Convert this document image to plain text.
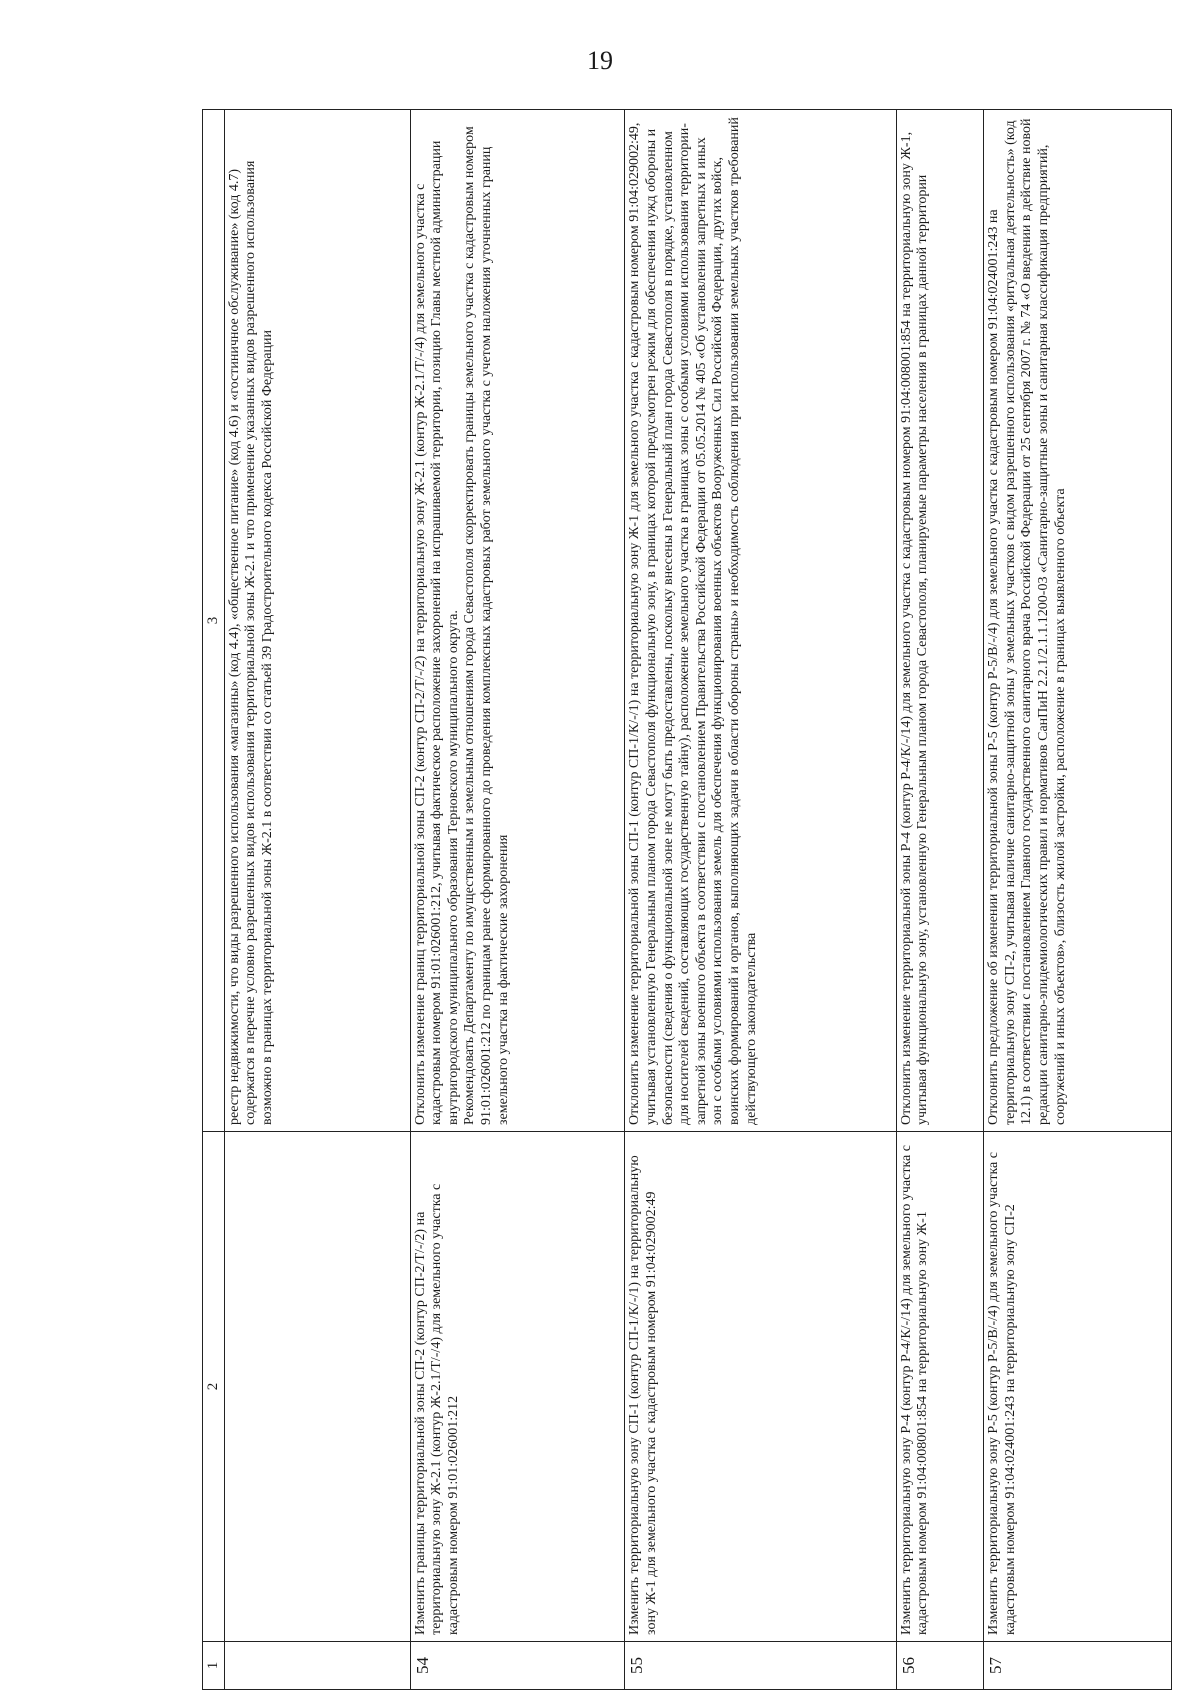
19
1	2	3
		реестр недвижимости, что виды разрешенного использования «магазины» (код 4.4), «общественное питание» (код 4.6) и «гостиничное обслуживание» (код 4.7) содержатся в перечне условно разрешенных видов использования территориальной зоны Ж-2.1 и что применение указанных видов разрешенного использования возможно в границах территориальной зоны Ж-2.1 в соответствии со статьей 39 Градостроительного кодекса Российской Федерации
54	Изменить границы территориальной зоны СП-2 (контур СП-2/Т/-/2) на территориальную зону Ж-2.1 (контур Ж-2.1/Т/-/4) для земельного участка с кадастровым номером 91:01:026001:212	Отклонить изменение границ территориальной зоны СП-2 (контур СП-2/Т/-/2) на территориальную зону Ж-2.1 (контур Ж-2.1/Т/-/4) для земельного участка с кадастровым номером 91:01:026001:212, учитывая фактическое расположение захоронений на испрашиваемой территории, позицию Главы местной администрации внутригородского муниципального образования Терновского муниципального округа.
Рекомендовать Департаменту по имущественным и земельным отношениям города Севастополя скорректировать границы земельного участка с кадастровым номером 91:01:026001:212 по границам ранее сформированного до проведения комплексных кадастровых работ земельного участка с учетом наложения уточненных границ земельного участка на фактические захоронения

55	Изменить территориальную зону СП-1 (контур СП-1/К/-/1) на территориальную зону Ж-1 для земельного участка с кадастровым номером 91:04:029002:49	Отклонить изменение территориальной зоны СП-1 (контур СП-1/К/-/1) на территориальную зону Ж-1 для земельного участка с кадастровым номером 91:04:029002:49, учитывая установленную Генеральным планом города Севастополя функциональную зону, в границах которой предусмотрен режим для обеспечения нужд обороны и безопасности (сведения о функциональной зоне не могут быть предоставлены, поскольку внесены в Генеральный план города Севастополя в порядке, установленном для носителей сведений, составляющих государственную тайну), расположение земельного участка в границах зоны с особыми условиями использования территории-запретной зоны военного объекта в соответствии с постановлением Правительства Российской Федерации от 05.05.2014 № 405 «Об установлении запретных и иных зон с особыми условиями использования земель для обеспечения функционирования военных объектов Вооруженных Сил Российской Федерации, других войск, воинских формирований и органов, выполняющих задачи в области обороны страны» и необходимость соблюдения при использовании земельных участков требований действующего законодательства
56	Изменить территориальную зону Р-4 (контур Р-4/К/-/14) для земельного участка с кадастровым номером 91:04:008001:854 на территориальную зону Ж-1	Отклонить изменение территориальной зоны Р-4 (контур Р-4/К/-/14) для земельного участка с кадастровым номером 91:04:008001:854 на территориальную зону Ж-1, учитывая функциональную зону, установленную Генеральным планом города Севастополя, планируемые параметры населения в границах данной территории
57	Изменить территориальную зону Р-5 (контур Р-5/В/-/4) для земельного участка с кадастровым номером 91:04:024001:243 на территориальную зону СП-2	Отклонить предложение об изменении территориальной зоны Р-5 (контур Р-5/В/-/4) для земельного участка с кадастровым номером 91:04:024001:243 на территориальную зону СП-2, учитывая наличие санитарно-защитной зоны у земельных участков с видом разрешенного использования «ритуальная деятельность» (код 12.1) в соответствии с постановлением Главного государственного санитарного врача Российской Федерации от 25 сентября 2007 г. № 74 «О введении в действие новой редакции санитарно-эпидемиологических правил и нормативов СанПиН 2.2.1/2.1.1.1200-03 «Санитарно-защитные зоны и санитарная классификация предприятий, сооружений и иных объектов», близость жилой застройки, расположение в границах выявленного объекта
